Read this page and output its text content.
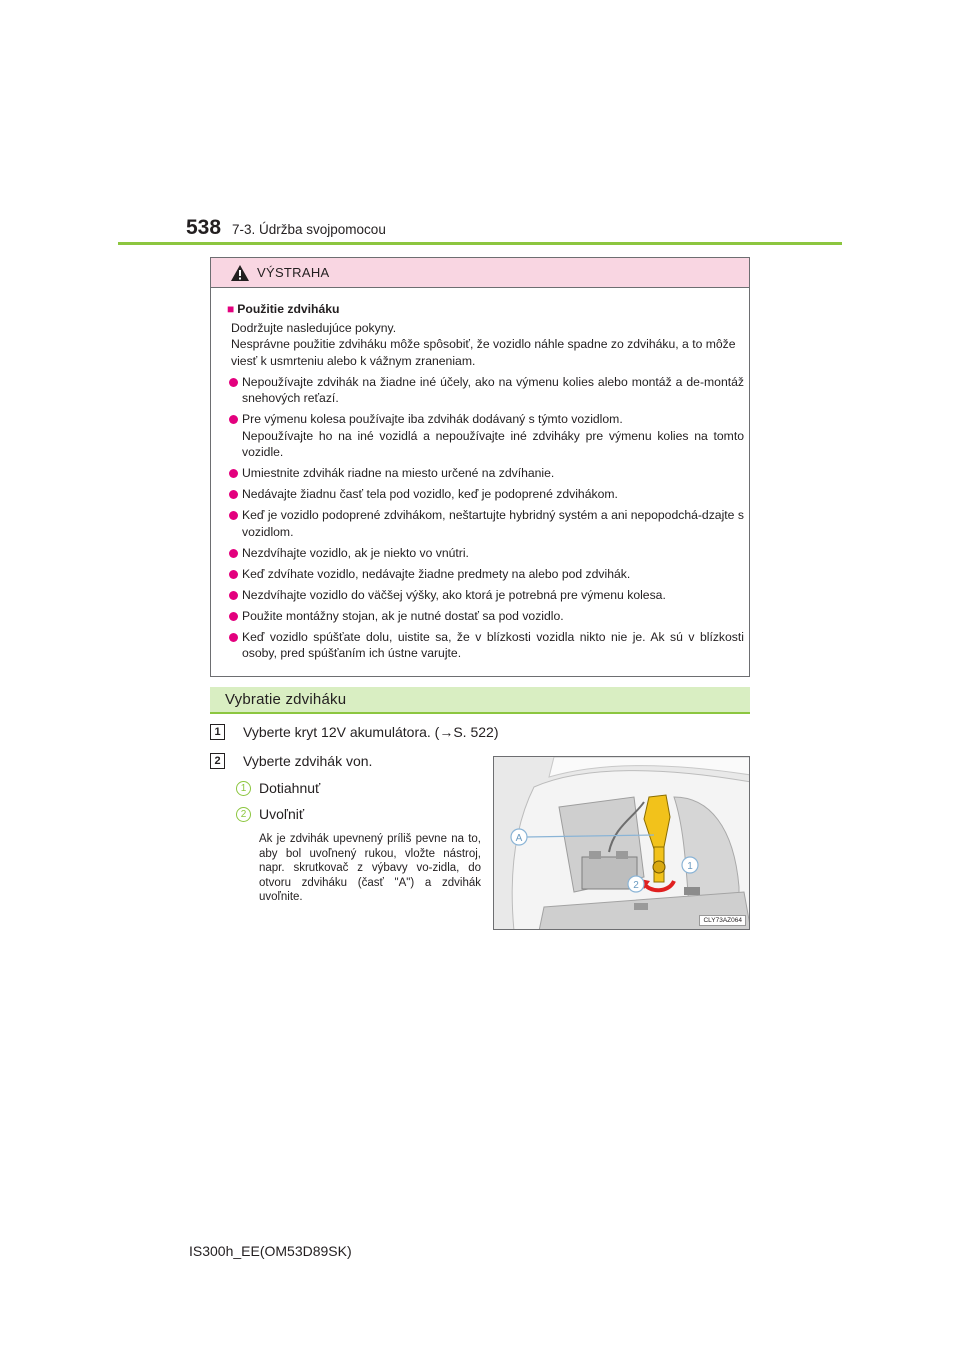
538 7-3. Údržba svojpomocou
VÝSTRAHA
■ Použitie zdviháku
Dodržujte nasledujúce pokyny.
Nesprávne použitie zdviháku môže spôsobiť, že vozidlo náhle spadne zo zdviháku, a to môže viesť k usmrteniu alebo k vážnym zraneniam.
Nepoužívajte zdvihák na žiadne iné účely, ako na výmenu kolies alebo montáž a de-montáž snehových reťazí.
Pre výmenu kolesa používajte iba zdvihák dodávaný s týmto vozidlom.
Nepoužívajte ho na iné vozidlá a nepoužívajte iné zdviháky pre výmenu kolies na tomto vozidle.
Umiestnite zdvihák riadne na miesto určené na zdvíhanie.
Nedávajte žiadnu časť tela pod vozidlo, keď je podoprené zdvihákom.
Keď je vozidlo podoprené zdvihákom, neštartujte hybridný systém a ani nepopodchá-dzajte s vozidlom.
Nezdvíhajte vozidlo, ak je niekto vo vnútri.
Keď zdvíhate vozidlo, nedávajte žiadne predmety na alebo pod zdvihák.
Nezdvíhajte vozidlo do väčšej výšky, ako ktorá je potrebná pre výmenu kolesa.
Použite montážny stojan, ak je nutné dostať sa pod vozidlo.
Keď vozidlo spúšťate dolu, uistite sa, že v blízkosti vozidla nikto nie je. Ak sú v blízkosti osoby, pred spúšťaním ich ústne varujte.
Vybratie zdviháku
1	Vyberte kryt 12V akumulátora. (→S. 522)
2	Vyberte zdvihák von.
1 Dotiahnuť
2 Uvoľniť
Ak je zdvihák upevnený príliš pevne na to, aby bol uvoľnený rukou, vložte nástroj, napr. skrutkovač z výbavy vo-zidla, do otvoru zdviháku (časť "A") a zdvihák uvoľnite.
A
1
2
CLY73AZ064
IS300h_EE(OM53D89SK)
